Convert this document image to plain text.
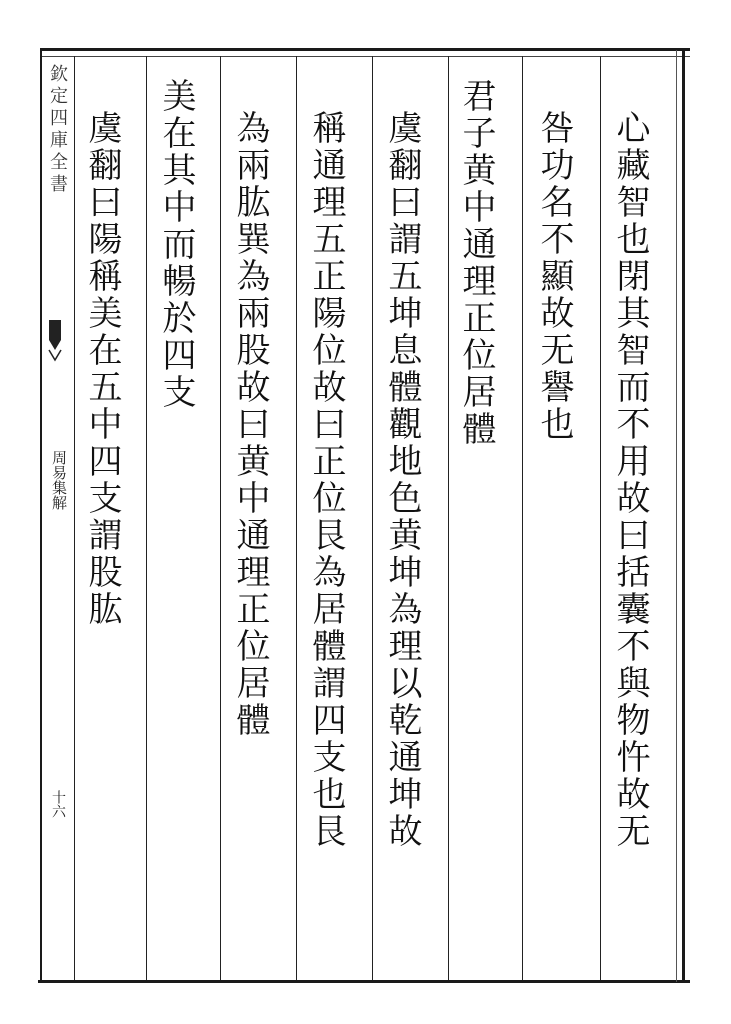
欽定四庫全書
周易集解
十六	心藏智也閉其智而不用故曰括囊不與物忤故无
咎功名不顯故无譽也
君子黄中通理正位居體
虞翻曰謂五坤息體觀地色黄坤為理以乾通坤故
稱通理五正陽位故曰正位艮為居體謂四支也艮
為兩肱巽為兩股故曰黄中通理正位居體
美在其中而暢於四支
虞翻曰陽稱美在五中四支謂股肱
